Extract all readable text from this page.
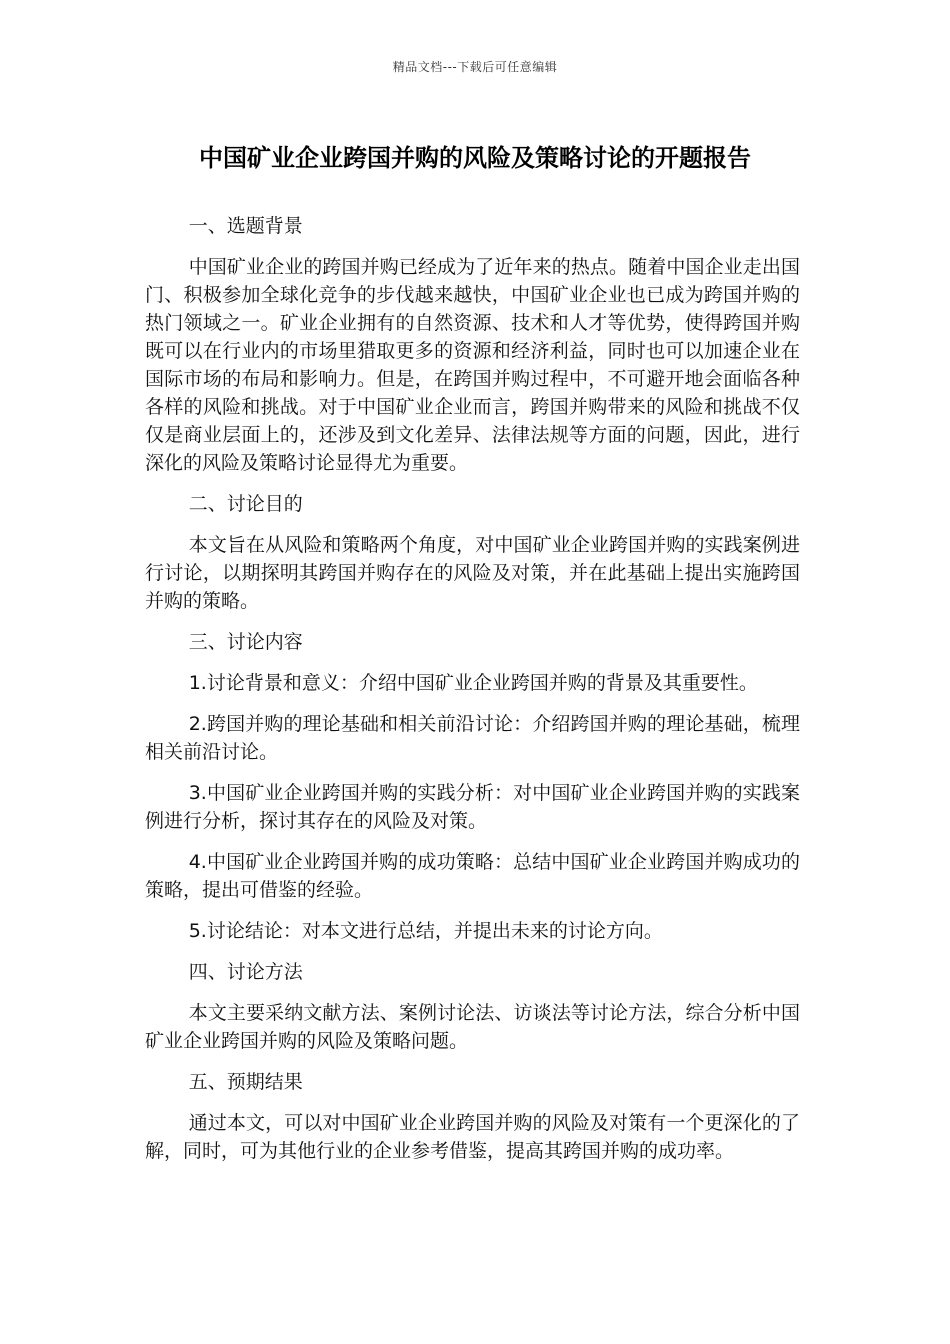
精品文档---下载后可任意编辑
中国矿业企业跨国并购的风险及策略讨论的开题报告

一、选题背景

中国矿业企业的跨国并购已经成为了近年来的热点。随着中国企业走出国门、积极参加全球化竞争的步伐越来越快，中国矿业企业也已成为跨国并购的热门领域之一。矿业企业拥有的自然资源、技术和人才等优势，使得跨国并购既可以在行业内的市场里猎取更多的资源和经济利益，同时也可以加速企业在国际市场的布局和影响力。但是，在跨国并购过程中，不可避开地会面临各种各样的风险和挑战。对于中国矿业企业而言，跨国并购带来的风险和挑战不仅仅是商业层面上的，还涉及到文化差异、法律法规等方面的问题，因此，进行深化的风险及策略讨论显得尤为重要。

二、讨论目的

本文旨在从风险和策略两个角度，对中国矿业企业跨国并购的实践案例进行讨论，以期探明其跨国并购存在的风险及对策，并在此基础上提出实施跨国并购的策略。

三、讨论内容

1.讨论背景和意义：介绍中国矿业企业跨国并购的背景及其重要性。

2.跨国并购的理论基础和相关前沿讨论：介绍跨国并购的理论基础，梳理相关前沿讨论。

3.中国矿业企业跨国并购的实践分析：对中国矿业企业跨国并购的实践案例进行分析，探讨其存在的风险及对策。

4.中国矿业企业跨国并购的成功策略：总结中国矿业企业跨国并购成功的策略，提出可借鉴的经验。

5.讨论结论：对本文进行总结，并提出未来的讨论方向。

四、讨论方法

本文主要采纳文献方法、案例讨论法、访谈法等讨论方法，综合分析中国矿业企业跨国并购的风险及策略问题。

五、预期结果

通过本文，可以对中国矿业企业跨国并购的风险及对策有一个更深化的了解，同时，可为其他行业的企业参考借鉴，提高其跨国并购的成功率。
